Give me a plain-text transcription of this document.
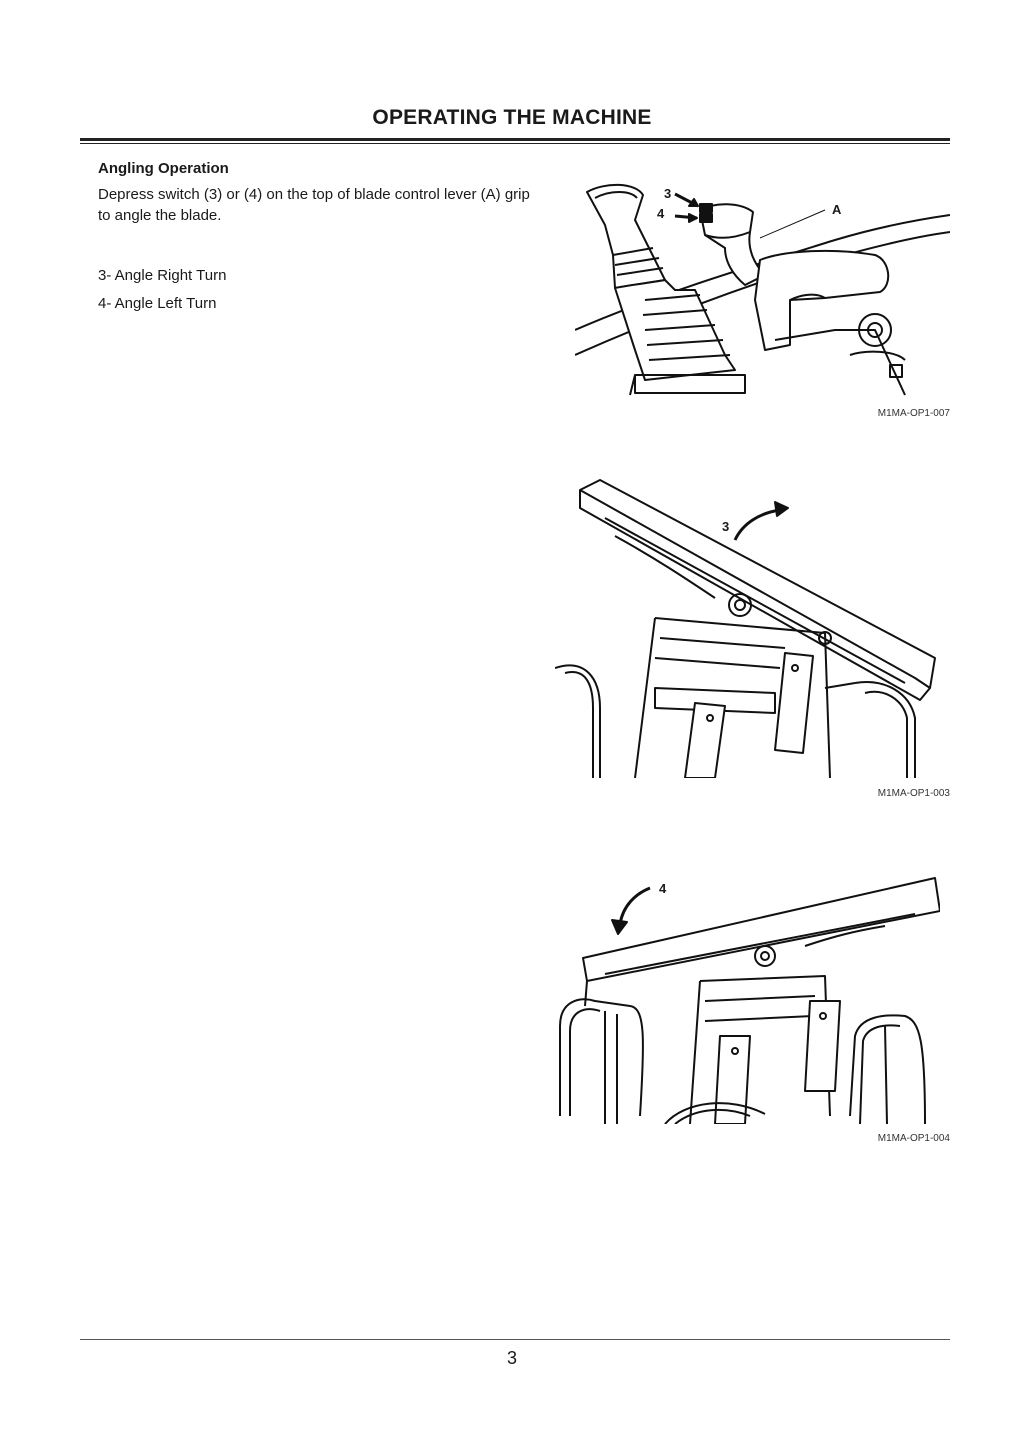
OPERATING THE MACHINE
Angling Operation
Depress switch (3) or (4) on the top of blade control lever (A) grip to angle the blade.
3- Angle Right Turn
4- Angle Left Turn
3
4	A
M1MA-OP1-007
3
M1MA-OP1-003
4
M1MA-OP1-004
3
